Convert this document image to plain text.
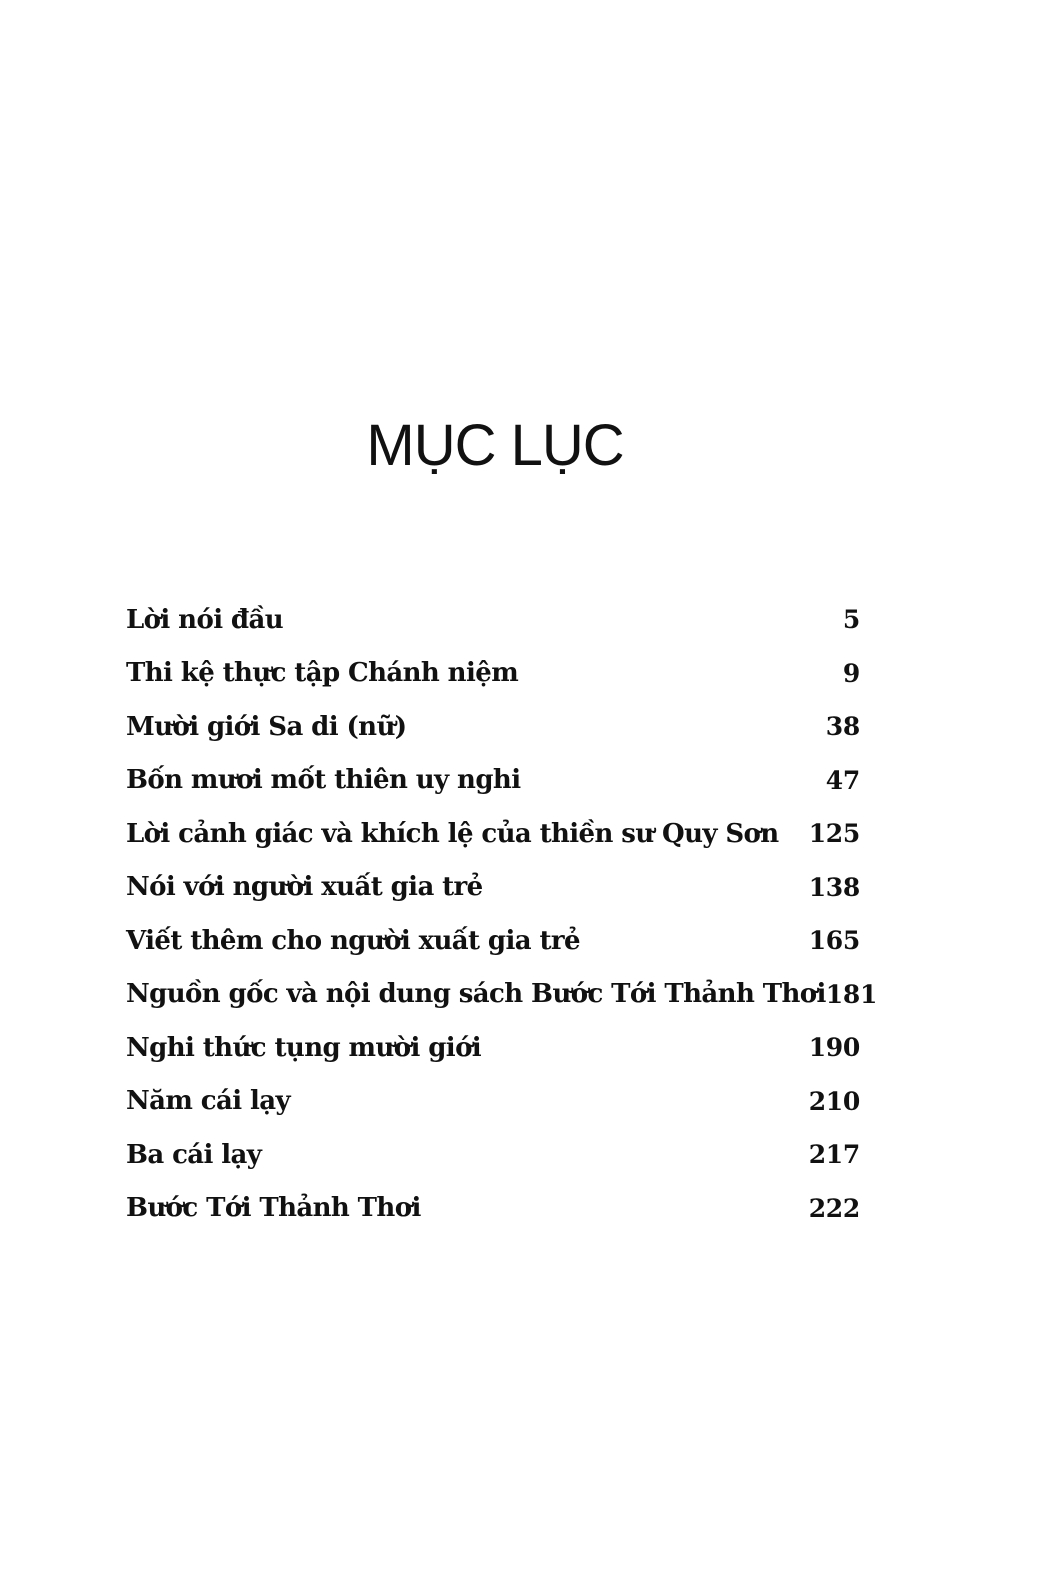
MỤC LỤC
Lời nói đầu	5
Thi kệ thực tập Chánh niệm	9
Mười giới Sa di (nữ)	38
Bốn mươi mốt thiên uy nghi	47
Lời cảnh giác và khích lệ của thiền sư Quy Sơn 125
Nói với người xuất gia trẻ	138
Viết thêm cho người xuất gia trẻ	165
Nguồn gốc và nội dung sách Bước Tới Thảnh Thơi 181
Nghi thức tụng mười giới	190
Năm cái lạy	210
Ba cái lạy	217
Bước Tới Thảnh Thơi	222
